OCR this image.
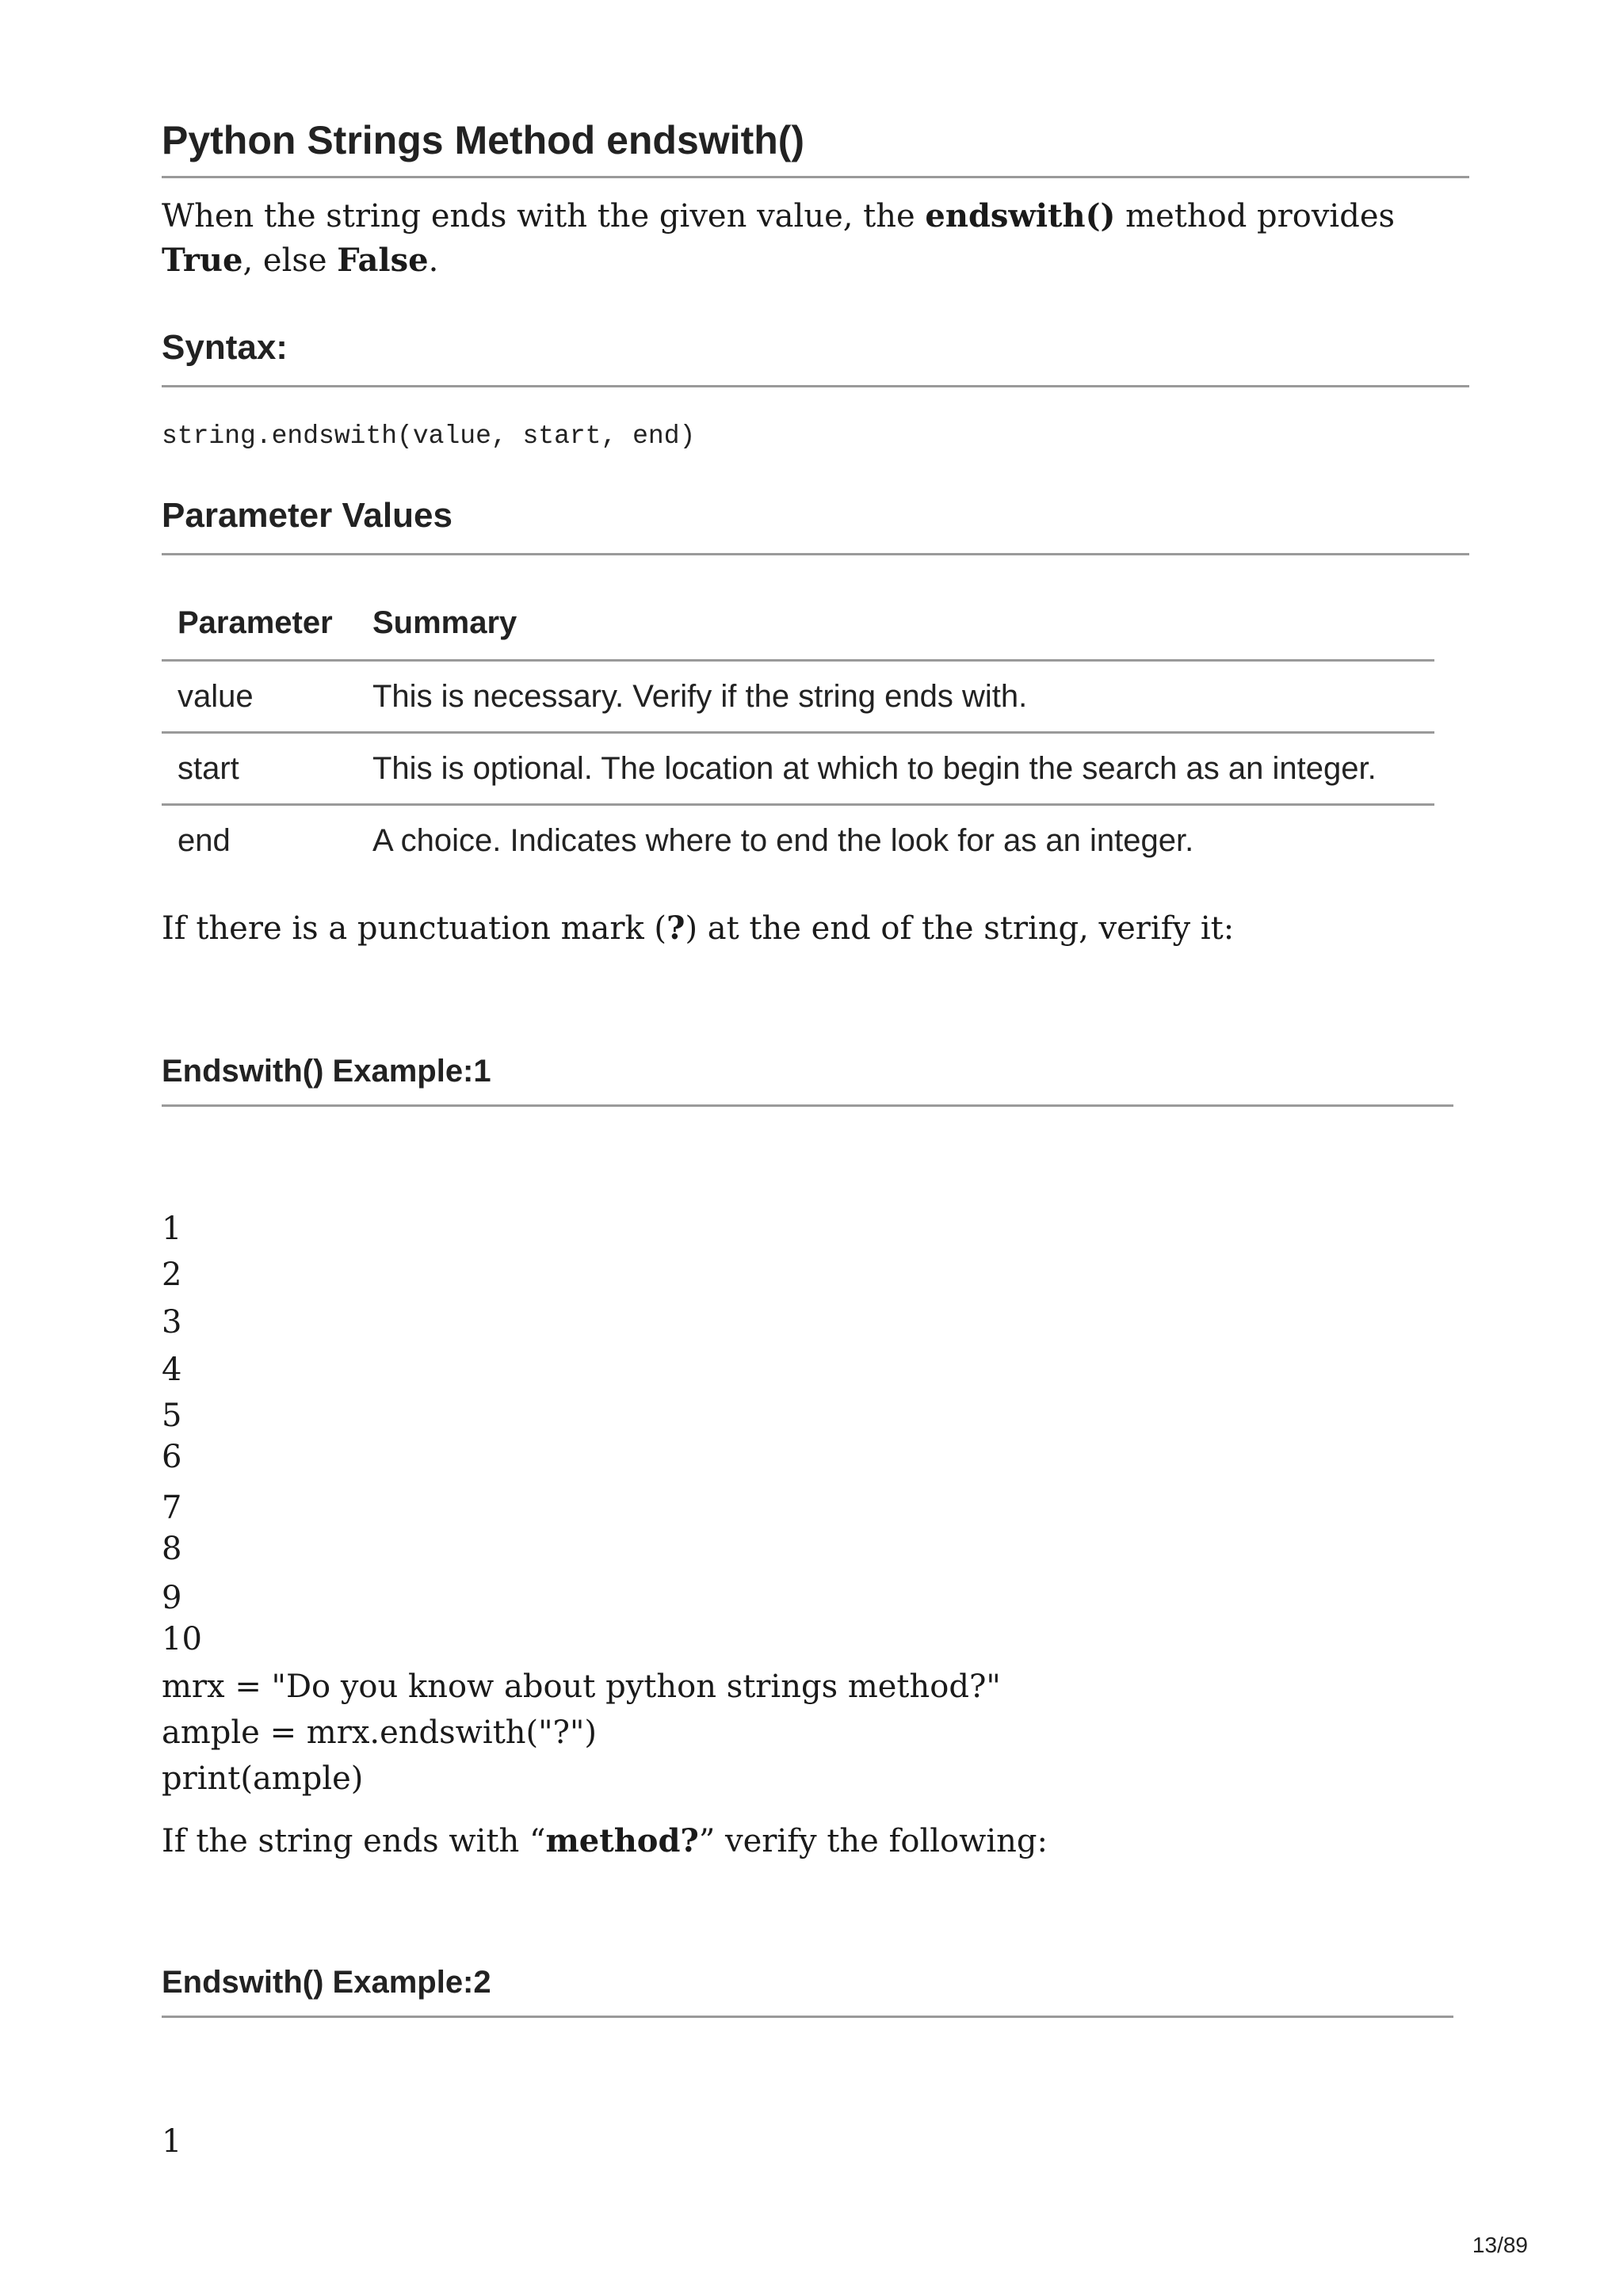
Python Strings Method endswith()

When the string ends with the given value, the endswith() method provides True, else False.

Syntax:
string.endswith(value, start, end)
Parameter Values
Parameter	Summary
value	This is necessary. Verify if the string ends with.
start	This is optional. The location at which to begin the search as an integer.
end	A choice. Indicates where to end the look for as an integer.

If there is a punctuation mark (?) at the end of the string, verify it:

Endswith() Example:1
1
2
3
4
5
6
7
8
9
10
mrx = "Do you know about python strings method?"
ample = mrx.endswith("?")
print(ample)

If the string ends with “method?” verify the following:

Endswith() Example:2
1
13/89
